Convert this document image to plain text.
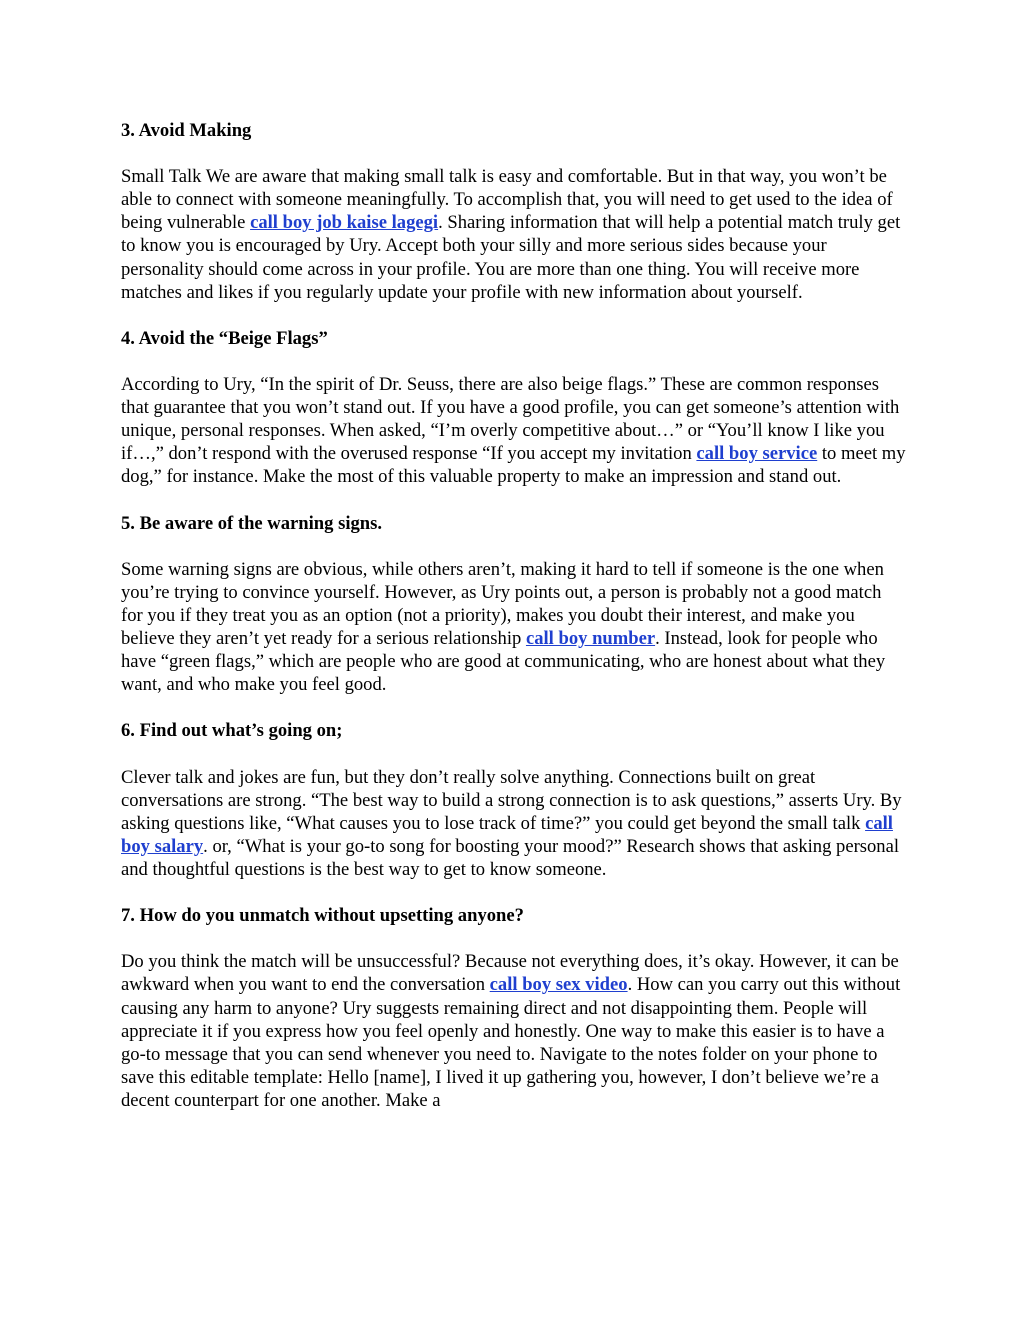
3. Avoid Making
Small Talk We are aware that making small talk is easy and comfortable. But in that way, you won’t be able to connect with someone meaningfully. To accomplish that, you will need to get used to the idea of being vulnerable call boy job kaise lagegi. Sharing information that will help a potential match truly get to know you is encouraged by Ury. Accept both your silly and more serious sides because your personality should come across in your profile. You are more than one thing. You will receive more matches and likes if you regularly update your profile with new information about yourself.
4. Avoid the “Beige Flags”
According to Ury, “In the spirit of Dr. Seuss, there are also beige flags.” These are common responses that guarantee that you won’t stand out. If you have a good profile, you can get someone’s attention with unique, personal responses. When asked, “I’m overly competitive about…” or “You’ll know I like you if…,” don’t respond with the overused response “If you accept my invitation call boy service to meet my dog,” for instance. Make the most of this valuable property to make an impression and stand out.
5. Be aware of the warning signs.
Some warning signs are obvious, while others aren’t, making it hard to tell if someone is the one when you’re trying to convince yourself. However, as Ury points out, a person is probably not a good match for you if they treat you as an option (not a priority), makes you doubt their interest, and make you believe they aren’t yet ready for a serious relationship call boy number. Instead, look for people who have “green flags,” which are people who are good at communicating, who are honest about what they want, and who make you feel good.
6. Find out what’s going on;
Clever talk and jokes are fun, but they don’t really solve anything. Connections built on great conversations are strong. “The best way to build a strong connection is to ask questions,” asserts Ury. By asking questions like, “What causes you to lose track of time?” you could get beyond the small talk call boy salary. or, “What is your go-to song for boosting your mood?” Research shows that asking personal and thoughtful questions is the best way to get to know someone.
7. How do you unmatch without upsetting anyone?
Do you think the match will be unsuccessful? Because not everything does, it’s okay. However, it can be awkward when you want to end the conversation call boy sex video. How can you carry out this without causing any harm to anyone? Ury suggests remaining direct and not disappointing them. People will appreciate it if you express how you feel openly and honestly. One way to make this easier is to have a go-to message that you can send whenever you need to. Navigate to the notes folder on your phone to save this editable template: Hello [name], I lived it up gathering you, however, I don’t believe we’re a decent counterpart for one another. Make a
